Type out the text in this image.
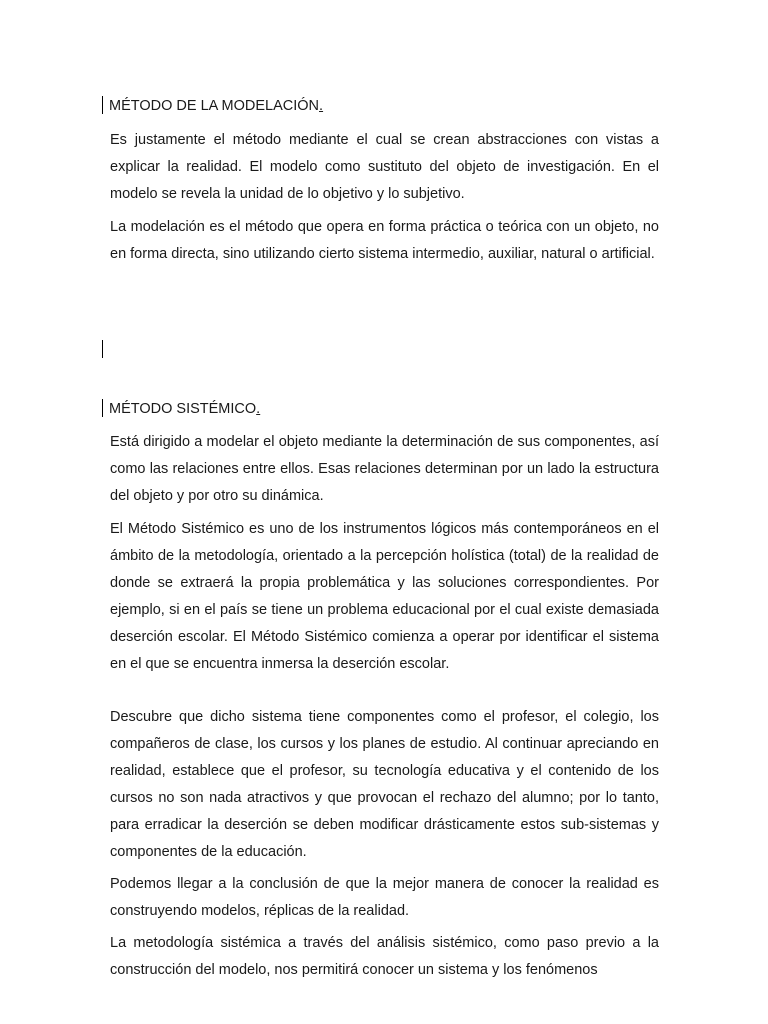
MÉTODO DE LA MODELACIÓN.

Es justamente el método mediante el cual se crean abstracciones con vistas a explicar la realidad. El modelo como sustituto del objeto de investigación. En el modelo se revela la unidad de lo objetivo y lo subjetivo.

La modelación es el método que opera en forma práctica o teórica con un objeto, no en forma directa, sino utilizando cierto sistema intermedio, auxiliar, natural o artificial.

MÉTODO SISTÉMICO.

Está dirigido a modelar el objeto mediante la determinación de sus componentes, así como las relaciones entre ellos. Esas relaciones determinan por un lado la estructura del objeto y por otro su dinámica.

El Método Sistémico es uno de los instrumentos lógicos más contemporáneos en el ámbito de la metodología, orientado a la percepción holística (total) de la realidad de donde se extraerá la propia problemática y las soluciones correspondientes. Por ejemplo, si en el país se tiene un problema educacional por el cual existe demasiada deserción escolar. El Método Sistémico comienza a operar por identificar el sistema en el que se encuentra inmersa la deserción escolar.

Descubre que dicho sistema tiene componentes como el profesor, el colegio, los compañeros de clase, los cursos y los planes de estudio. Al continuar apreciando en realidad, establece que el profesor, su tecnología educativa y el contenido de los cursos no son nada atractivos y que provocan el rechazo del alumno; por lo tanto, para erradicar la deserción se deben modificar drásticamente estos sub-sistemas y componentes de la educación.

Podemos llegar a la conclusión de que la mejor manera de conocer la realidad es construyendo modelos, réplicas de la realidad.

La metodología sistémica a través del análisis sistémico, como paso previo a la construcción del modelo, nos permitirá conocer un sistema y los fenómenos
